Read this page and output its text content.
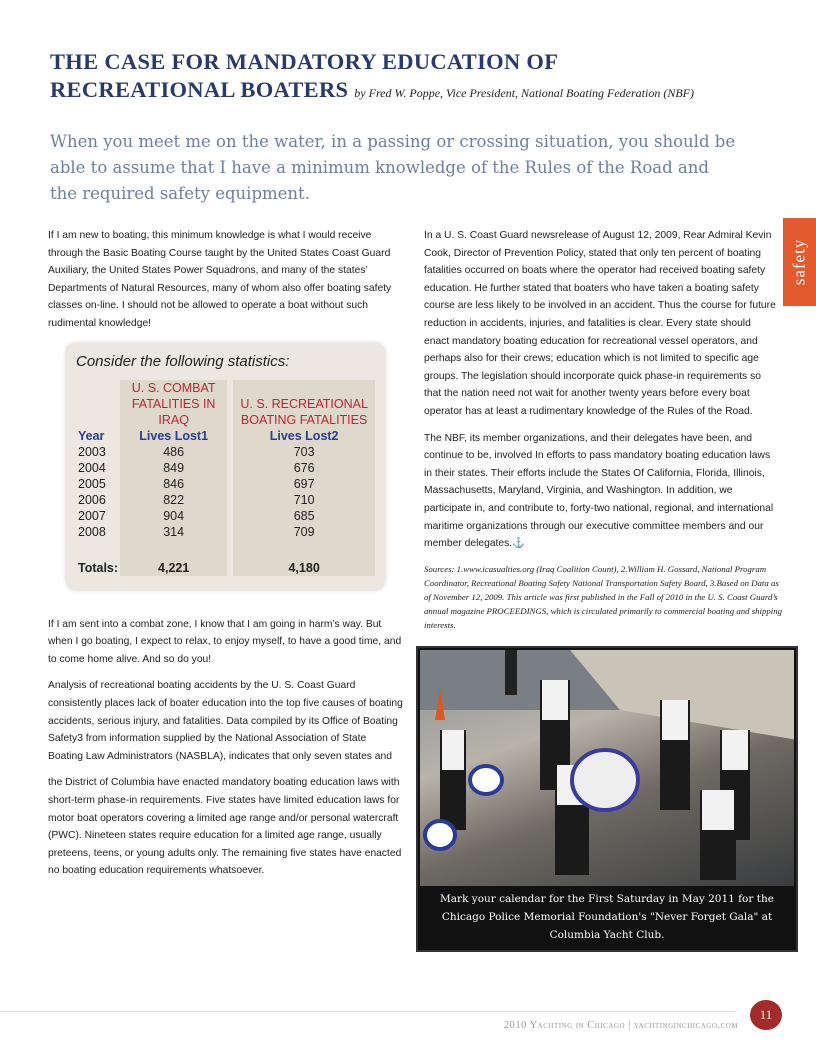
THE CASE FOR MANDATORY EDUCATION OF
RECREATIONAL BOATERS by Fred W. Poppe, Vice President, National Boating Federation (NBF)
When you meet me on the water, in a passing or crossing situation, you should be able to assume that I have a minimum knowledge of the Rules of the Road and the required safety equipment.
safety
If I am new to boating, this minimum knowledge is what I would receive through the Basic Boating Course taught by the United States Coast Guard Auxiliary, the United States Power Squadrons, and many of the states’ Departments of Natural Resources, many of whom also offer boating safety classes on-line. I should not be allowed to operate a boat without such rudimental knowledge!
Consider the following statistics:
	U. S. COMBAT FATALITIES IN IRAQ		U. S. RECREATIONAL BOATING FATALITIES
Year	Lives Lost1		Lives Lost2
2003	486		703
2004	849		676
2005	846		697
2006	822		710
2007	904		685
2008	314		709
Totals:	4,221		4,180
If I am sent into a combat zone, I know that I am going in harm’s way. But when I go boating, I expect to relax, to enjoy myself, to have a good time, and to come home alive. And so do you!
Analysis of recreational boating accidents by the U. S. Coast Guard consistently places lack of boater education into the top five causes of boating accidents, serious injury, and fatalities. Data compiled by its Office of Boating Safety3 from information supplied by the National Association of State Boating Law Administrators (NASBLA), indicates that only seven states and
the District of Columbia have enacted mandatory boating education laws with short-term phase-in requirements. Five states have limited education laws for motor boat operators covering a limited age range and/or personal watercraft (PWC). Nineteen states require education for a limited age range, usually preteens, teens, or young adults only. The remaining five states have enacted no boating education requirements whatsoever.
In a U. S. Coast Guard newsrelease of August 12, 2009, Rear Admiral Kevin Cook, Director of Prevention Policy, stated that only ten percent of boating fatalities occurred on boats where the operator had received boating safety education. He further stated that boaters who have taken a boating safety course are less likely to be involved in an accident. Thus the course for future reduction in accidents, injuries, and fatalities is clear. Every state should enact mandatory boating education for recreational vessel operators, and perhaps also for their crews; education which is not limited to specific age groups. The legislation should incorporate quick phase-in requirements so that the nation need not wait for another twenty years before every boat operator has at least a rudimentary knowledge of the Rules of the Road.
The NBF, its member organizations, and their delegates have been, and continue to be, involved In efforts to pass mandatory boating education laws in their states. Their efforts include the States Of California, Florida, Illinois, Massachusetts, Maryland, Virginia, and Washington. In addition, we participate in, and contribute to, forty-two national, regional, and international maritime organizations through our executive committee members and our member delegates.⚓
Sources: 1.www.icasualties.org (Iraq Coalition Count), 2.William H. Gossard, National Program Coordinator, Recreational Boating Safety National Transportation Safety Board, 3.Based on Data as of November 12, 2009. This article was first published in the Fall of 2010 in the U. S. Coast Guard’s annual magazine PROCEEDINGS, which is circulated primarily to commercial boating and shipping interests.
Mark your calendar for the First Saturday in May 2011 for the Chicago Police Memorial Foundation's "Never Forget Gala" at Columbia Yacht Club.
2010 Yachting in Chicago | yachtinginchicago.com
11
